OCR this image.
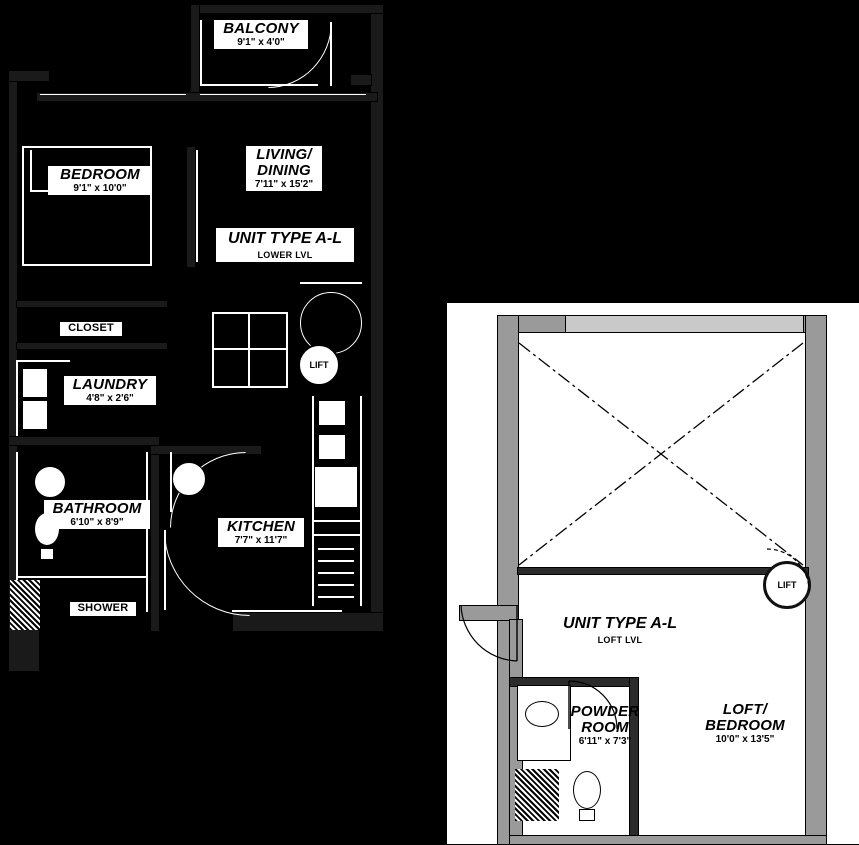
LIFT
BALCONY
9'1" x 4'0"
BEDROOM
9'1" x 10'0"
LIVING/
DINING
7'11" x 15'2"
UNIT TYPE A-L
LOWER LVL
CLOSET
LAUNDRY
4'8" x 2'6"
BATHROOM
6'10" x 8'9"	KITCHEN
7'7" x 11'7"
SHOWER
LIFT
UNIT TYPE A-L
LOFT LVL
POWDER
ROOM
6'11" x 7'3"
LOFT/
BEDROOM
10'0" x 13'5"
